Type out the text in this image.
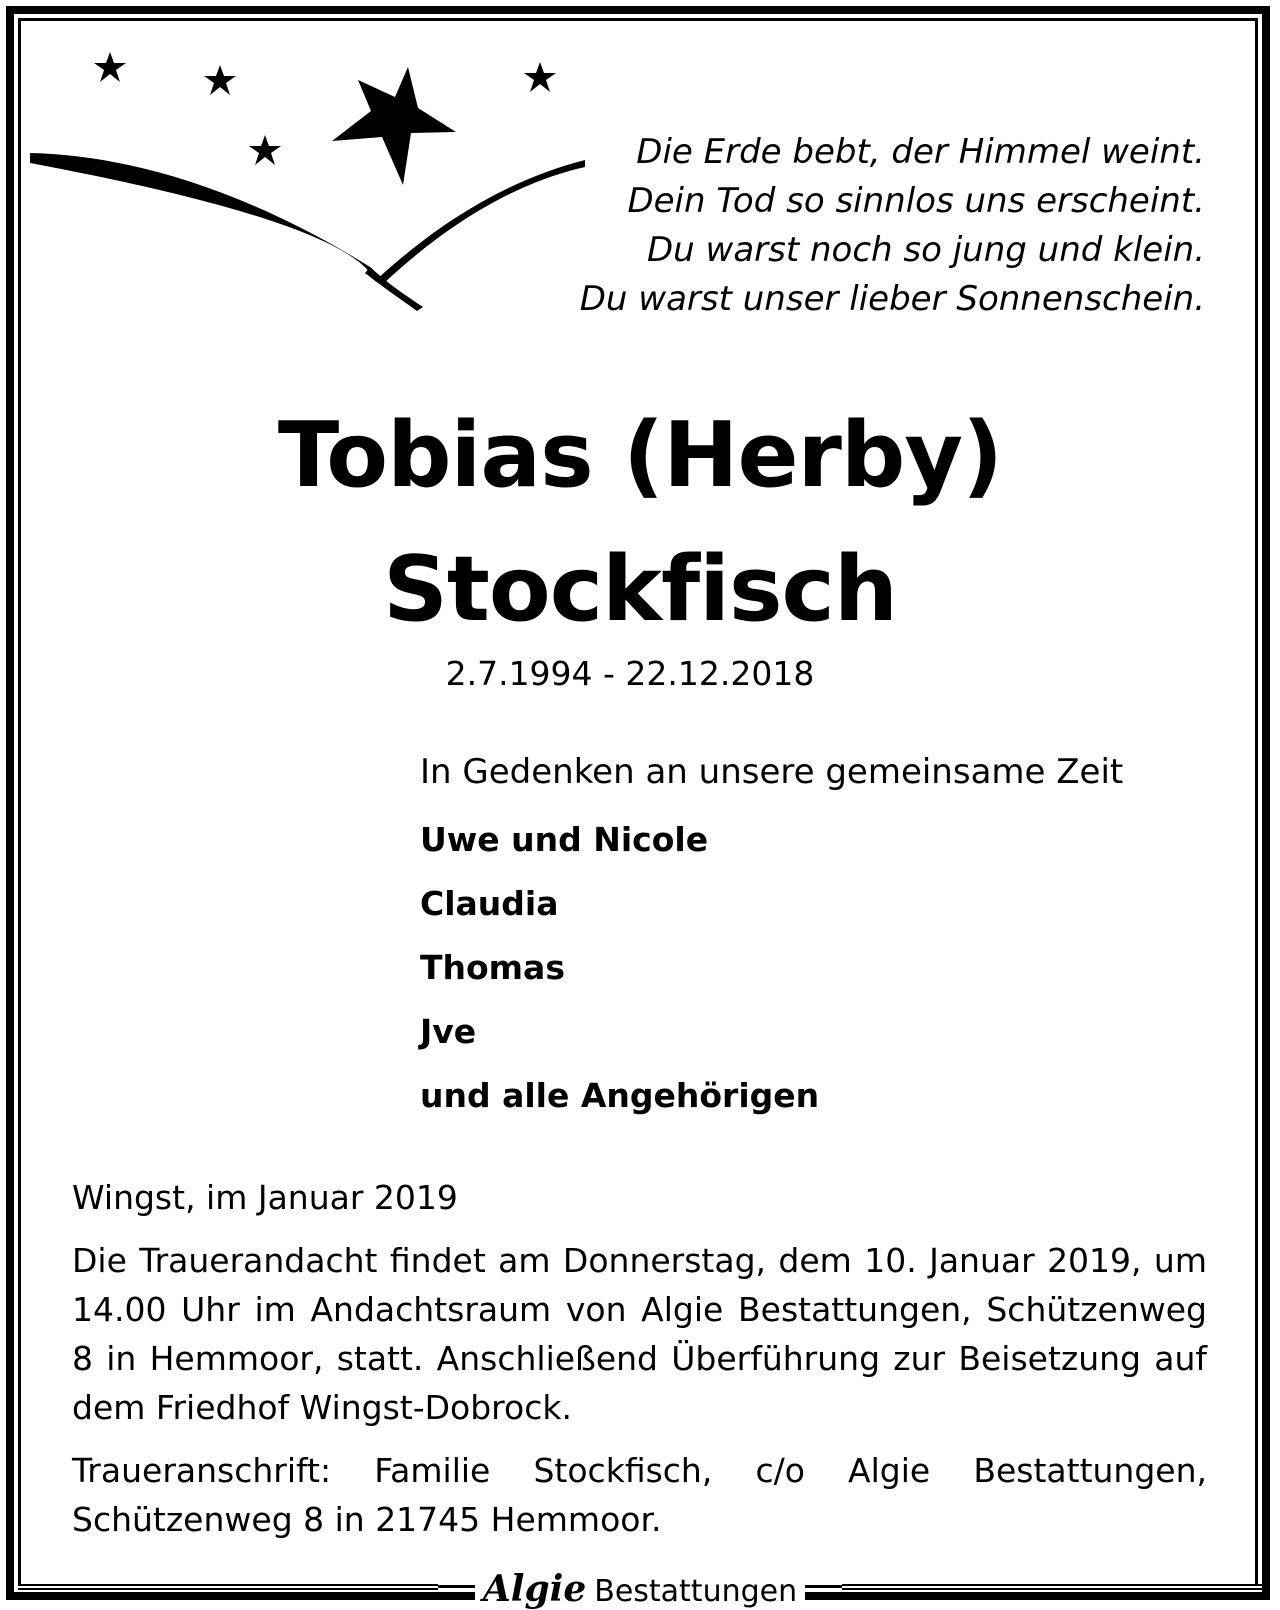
Die Erde bebt, der Himmel weint.
Dein Tod so sinnlos uns erscheint.
Du warst noch so jung und klein.
Du warst unser lieber Sonnenschein.
Tobias (Herby)
Stockfisch
2.7.1994 - 22.12.2018
In Gedenken an unsere gemeinsame Zeit
Uwe und Nicole
Claudia
Thomas
Jve
und alle Angehörigen
Wingst, im Januar 2019
Die Trauerandacht findet am Donnerstag, dem 10. Januar 2019, um 14.00 Uhr im Andachtsraum von Algie Bestattungen, Schützenweg 8 in Hemmoor, statt. Anschließend Überführung zur Beisetzung auf dem Friedhof Wingst-Dobrock.
Traueranschrift: Familie Stockfisch, c/o Algie Bestattungen, Schützenweg 8 in 21745 Hemmoor.
Algie Bestattungen
